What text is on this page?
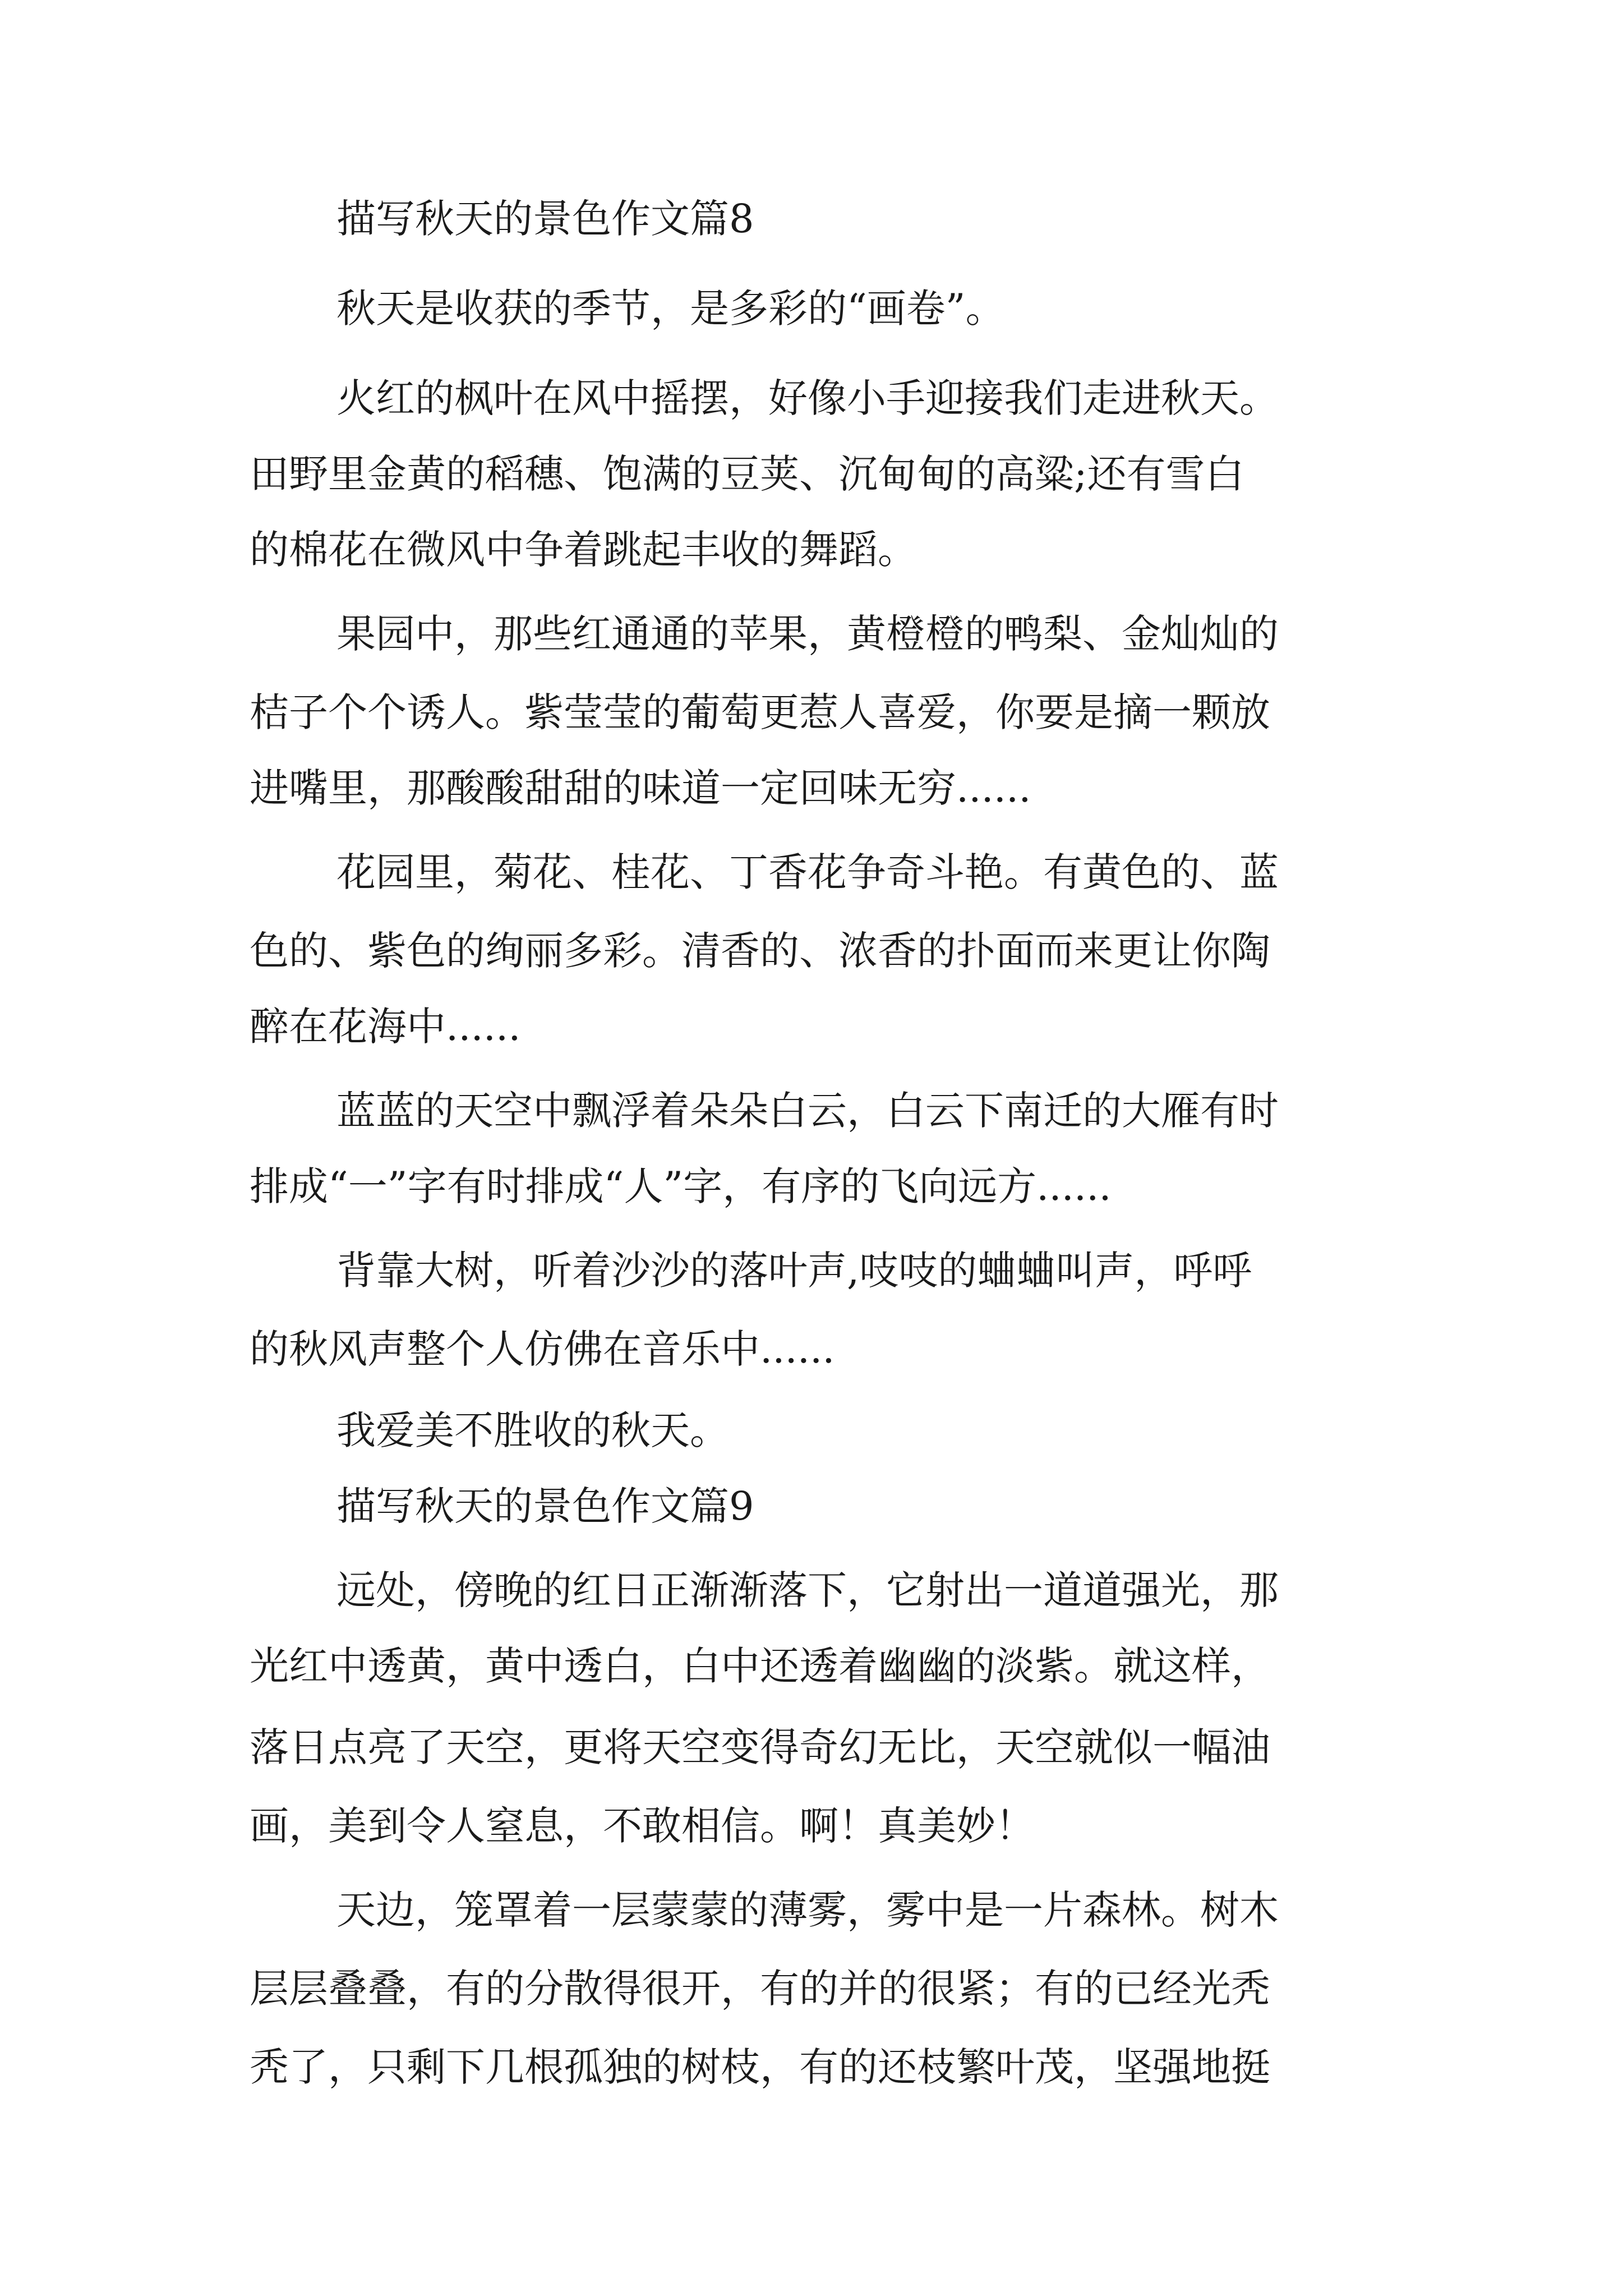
描写秋天的景色作文篇8
秋天是收获的季节，是多彩的“画卷”。
火红的枫叶在风中摇摆，好像小手迎接我们走进秋天。
田野里金黄的稻穗、饱满的豆荚、沉甸甸的高粱;还有雪白
的棉花在微风中争着跳起丰收的舞蹈。
果园中，那些红通通的苹果，黄橙橙的鸭梨、金灿灿的
桔子个个诱人。紫莹莹的葡萄更惹人喜爱，你要是摘一颗放
进嘴里，那酸酸甜甜的味道一定回味无穷......
花园里，菊花、桂花、丁香花争奇斗艳。有黄色的、蓝
色的、紫色的绚丽多彩。清香的、浓香的扑面而来更让你陶
醉在花海中......
蓝蓝的天空中飘浮着朵朵白云，白云下南迁的大雁有时
排成“一”字有时排成“人”字，有序的飞向远方......
背靠大树，听着沙沙的落叶声,吱吱的蛐蛐叫声，呼呼
的秋风声整个人仿佛在音乐中......
我爱美不胜收的秋天。
描写秋天的景色作文篇9
远处，傍晚的红日正渐渐落下，它射出一道道强光，那
光红中透黄，黄中透白，白中还透着幽幽的淡紫。就这样，
落日点亮了天空，更将天空变得奇幻无比，天空就似一幅油
画，美到令人窒息，不敢相信。啊！真美妙！
天边，笼罩着一层蒙蒙的薄雾，雾中是一片森林。树木
层层叠叠，有的分散得很开，有的并的很紧；有的已经光秃
秃了，只剩下几根孤独的树枝，有的还枝繁叶茂，坚强地挺
